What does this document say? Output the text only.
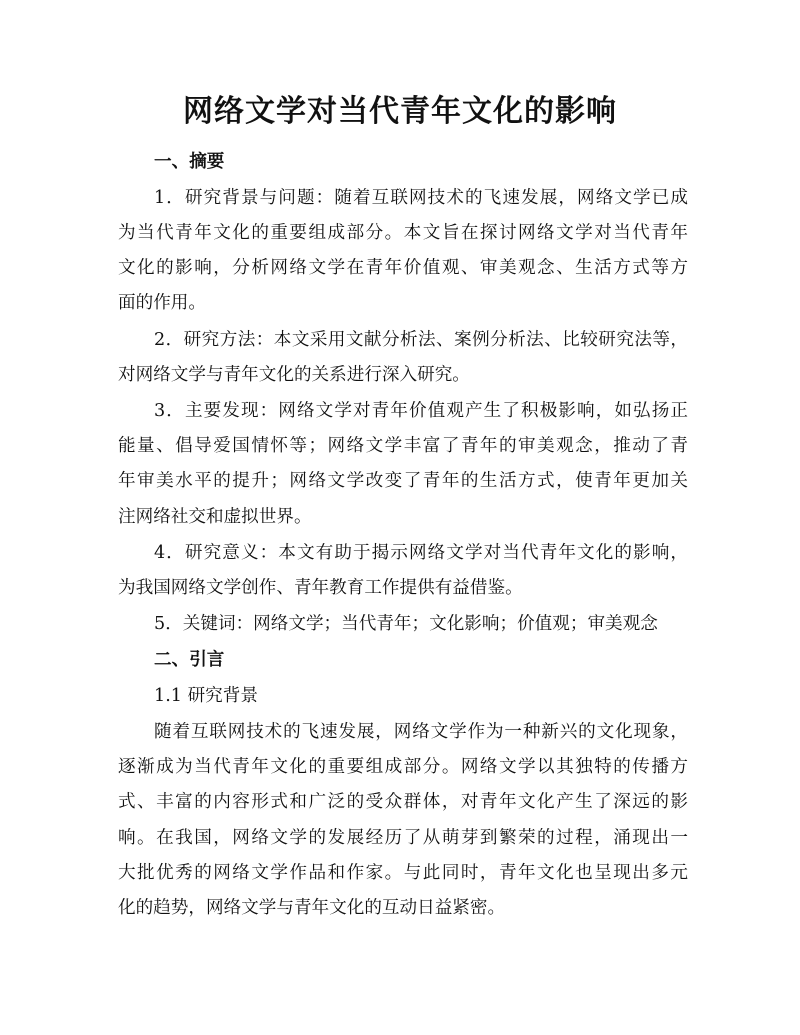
网络文学对当代青年文化的影响
一、摘要
1．研究背景与问题：随着互联网技术的飞速发展，网络文学已成
为当代青年文化的重要组成部分。本文旨在探讨网络文学对当代青年
文化的影响，分析网络文学在青年价值观、审美观念、生活方式等方
面的作用。
2．研究方法：本文采用文献分析法、案例分析法、比较研究法等，
对网络文学与青年文化的关系进行深入研究。
3．主要发现：网络文学对青年价值观产生了积极影响，如弘扬正
能量、倡导爱国情怀等；网络文学丰富了青年的审美观念，推动了青
年审美水平的提升；网络文学改变了青年的生活方式，使青年更加关
注网络社交和虚拟世界。
4．研究意义：本文有助于揭示网络文学对当代青年文化的影响，
为我国网络文学创作、青年教育工作提供有益借鉴。
5．关键词：网络文学；当代青年；文化影响；价值观；审美观念
二、引言
1.1 研究背景
随着互联网技术的飞速发展，网络文学作为一种新兴的文化现象，
逐渐成为当代青年文化的重要组成部分。网络文学以其独特的传播方
式、丰富的内容形式和广泛的受众群体，对青年文化产生了深远的影
响。在我国，网络文学的发展经历了从萌芽到繁荣的过程，涌现出一
大批优秀的网络文学作品和作家。与此同时，青年文化也呈现出多元
化的趋势，网络文学与青年文化的互动日益紧密。
